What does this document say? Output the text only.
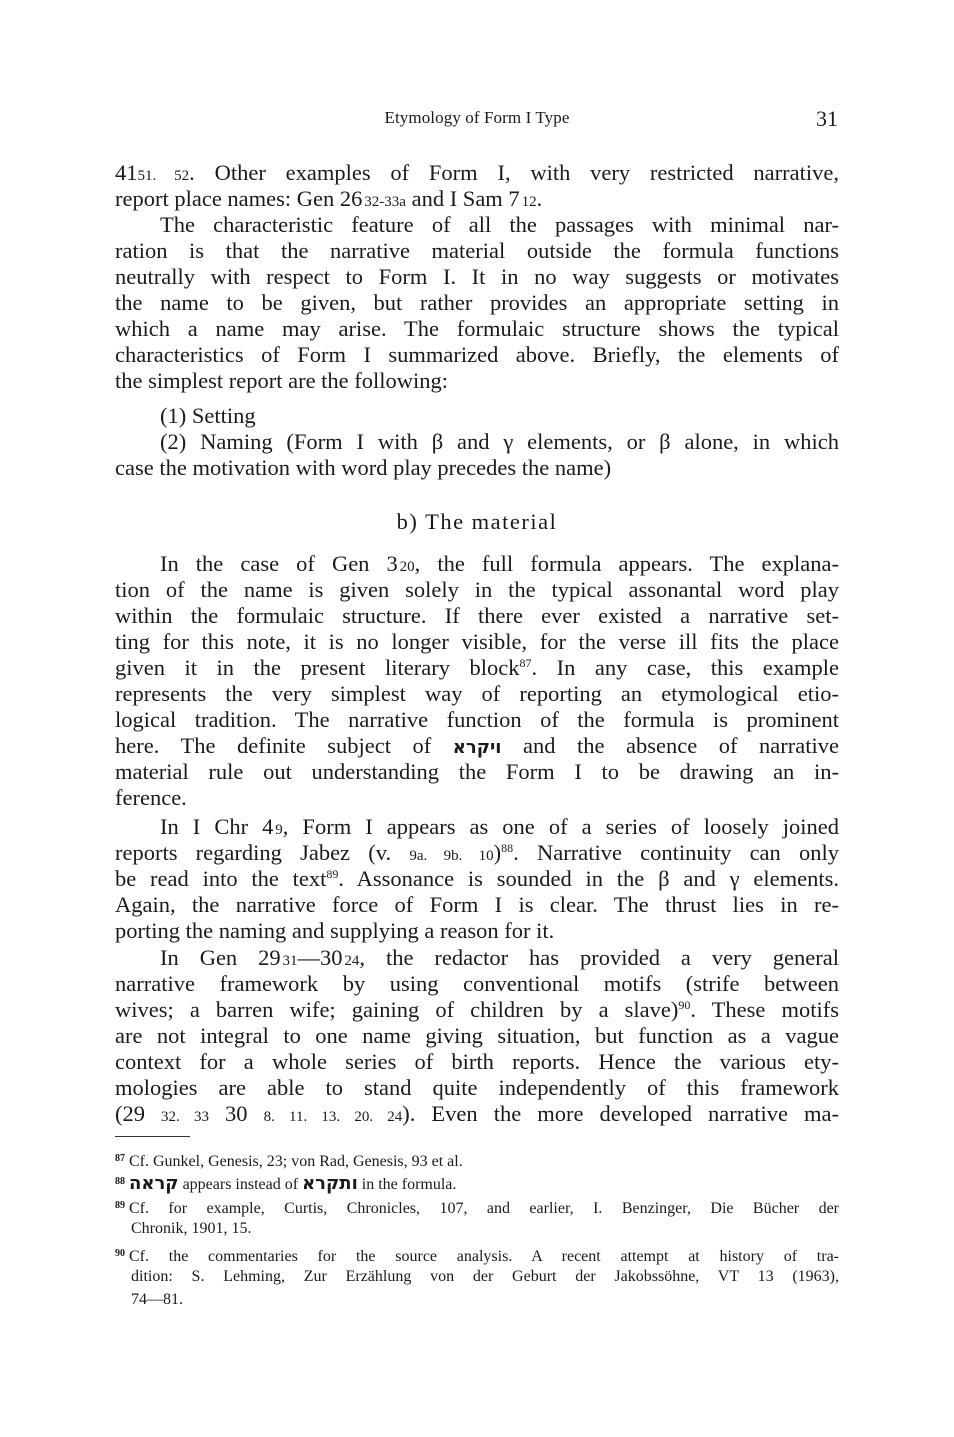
Etymology of Form I Type	31
4151. 52. Other examples of Form I, with very restricted narrative,
report place names: Gen 26  32-33a and I Sam 7  12.
The characteristic feature of all the passages with minimal nar-
ration is that the narrative material outside the formula functions
neutrally with respect to Form I. It in no way suggests or motivates
the name to be given, but rather provides an appropriate setting in
which a name may arise. The formulaic structure shows the typical
characteristics of Form I summarized above. Briefly, the elements of
the simplest report are the following:
(1) Setting
(2) Naming (Form I with β and γ elements, or β alone, in which
case the motivation with word play precedes the name)
b) The material
In the case of Gen 3  20, the full formula appears. The explana-
tion of the name is given solely in the typical assonantal word play
within the formulaic structure. If there ever existed a narrative set-
ting for this note, it is no longer visible, for the verse ill fits the place
given it in the present literary block$^{87}$. In any case, this example
represents the very simplest way of reporting an etymological etio-
logical tradition. The narrative function of the formula is prominent
here. The definite subject of ויקרא and the absence of narrative
material rule out understanding the Form I to be drawing an in-
ference.
In I Chr 4  9, Form I appears as one of a series of loosely joined
reports regarding Jabez (v. 9a. 9b. 10)$^{88}$. Narrative continuity can only
be read into the text$^{89}$. Assonance is sounded in the β and γ elements.
Again, the narrative force of Form I is clear. The thrust lies in re-
porting the naming and supplying a reason for it.
In Gen 29  31—30  24, the redactor has provided a very general
narrative framework by using conventional motifs (strife between
wives; a barren wife; gaining of children by a slave)$^{90}$. These motifs
are not integral to one name giving situation, but function as a vague
context for a whole series of birth reports. Hence the various ety-
mologies are able to stand quite independently of this framework
(29 32. 33 30 8. 11. 13. 20. 24). Even the more developed narrative ma-
$^{87}$ Cf. Gunkel, Genesis, 23; von Rad, Genesis, 93 et al.
$^{88}$ קראה appears instead of ותקרא in the formula.
$^{89}$ Cf. for example, Curtis, Chronicles, 107, and earlier, I. Benzinger, Die Bücher der
Chronik, 1901, 15.
$^{90}$ Cf. the commentaries for the source analysis. A recent attempt at history of tra-
dition: S. Lehming, Zur Erzählung von der Geburt der Jakobssöhne, VT 13 (1963),
74—81.
